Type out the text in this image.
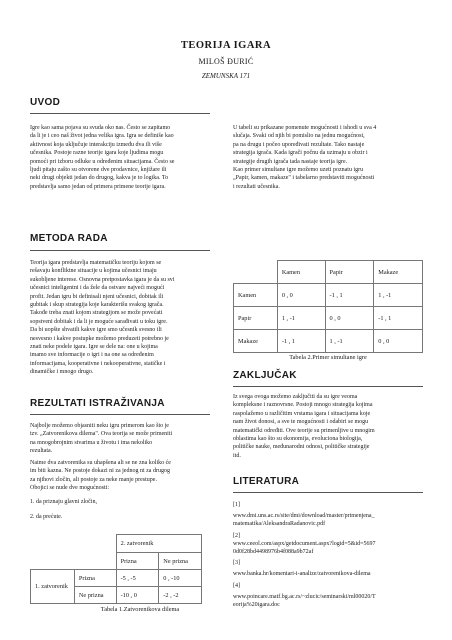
TEORIJA IGARA
MILOŠ ĐURIĆ
ZEMUNSKA 171
UVOD
Igre kao sama pojava su svuda oko nas. Često se zapitamo
da li je i ceo naš život jedna velika igra. Igra se definiše kao
aktivnost koja uključuje interakciju između dva ili više
učesnika. Postoje razne teorije igara koje ljudima mogu
pomoći pri izboru odluke u određenim situacijama. Često se
ljudi pitaju zašto su otvorene dve prodavnice, knjižare ili
neki drugi objekti jedan do drugog, kakva je to logika. To
predstavlja samo jedan od primera primene teorije igara.
U tabeli su prikazane pomenute mogućnosti i ishodi u sva 4
slučaja. Svaki od njih bi pomislio na jednu mogućnost,
pa na drugu i počeo upoređivati rezultate. Tako nastaje
strategija igrača. Kada igrači počnu da uzimaju u obzir i
strategije drugih igrača tada nastaje teorija igre.
Kao primer simultane igre možemo uzeti poznatu igru
„Papir, kamen, makaze" i tabelarno predstaviti mogućnosti
i rezultati učesnika.
METODA RADA
Teorija igara predstavlja matematičku teoriju kojom se
rešavaju konfliktne situacije u kojima učesnici imaju
sukobljene interese. Osnovna pretpostavka igara je da su svi
učesnici inteligentni i da žele da ostvare najveći mogući
profit. Jedan igru bi definisali njeni učesnici, dobitak ili
gubitak i skup strategija koje karakterišu svakog igrača.
Takođe treba znati kojom strategijom se može povećati
sopstveni dobitak i da li je moguće sarađivati u toku igre.
Da bi uopšte shvatili kakve igre smo učesnik svesno ili
nesvesno i kakve postupke možemo preduzeti potrebno je
znati neke podele igara. Igre se dele na: one u kojima
imamo sve informacije o igri i na one sa određenim
informacijama, kooperativne i nekooperativne, statičke i
dinamičke i mnogo drugo.
REZULTATI ISTRAŽIVANJA
Najbolje možemo objasniti neku igru primerom kao što je
tzv. „Zatvorenikova dilema". Ova teorija se može primeniti
na mnogobrojnim stvarima u životu i ima nekoliko
rezultata.
Naime dva zatvorenika su uhapšena ali se ne zna koliko će
im biti kazna. Ne postoje dokazi ni za jednog ni za drugog
za njihovi zločin, ali postoje za neke manje prestupe.
Obojici se nude dve mogućnosti:
1. da priznaju glavni zločin,
2. da prećute.
		2. zatvorenik	
		Prizna	Ne prizna
1. zatvorenik	Prizna	-5 , -5	0 , -10
	Ne prizna	-10 , 0	-2 , -2
Tabela 1.Zatvorenikova dilema
	Kamen	Papir	Makaze
Kamen	0 , 0	-1 , 1	1 , -1
Papir	1 , -1	0 , 0	-1 , 1
Makaze	-1 , 1	1 , -1	0 , 0
Tabela 2.Primer simultane igre
ZAKLJUČAK
Iz svega ovoga možemo zaključiti da su igre veoma
kompleksne i raznovrsne. Postoji mnogo strategija kojima
raspolažemo u različitim vrstama igara i situacijama koje
nam život donosi, a sve te mogućnosti i odabiri se mogu
matematički određiti. Ove teorije su primenljive u mnogim
oblastima kao što su ekonomija, evoluciona biologija,
političke nauke, međunarodni odnosi, političke strategije
itd.
LITERATURA
[1]
www.dmi.uns.ac.rs/site/dmi/download/master/primenjena_
matematika/AleksandraRadanovic.pdf
[2]
www.ceeol.com/aspx/getdocument.aspx?logid=5&id=5697
0d0f28bd4498976b4f088a9b72af
[3]
www.banka.hr/komentari-i-analize/zatvorenikova-dilema
[4]
www.poincare.matf.bg.ac.rs/~zlucic/seminarski/ml00020/T
eorija%20igara.doc
